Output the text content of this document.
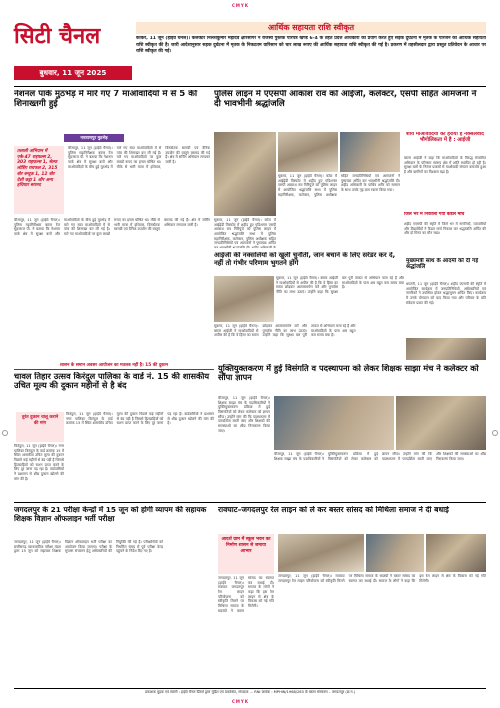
CMYK
सिटी चैनल
बुधवार, 11 जून 2025
आर्थिक सहायता राशि स्वीकृत
कांकेर, 11 जून (हाईवे चैनल)। कलेक्टर निलेशकुमार महादेव क्षीरसागर ने राजस्व पुस्तक परिपत्र खण्ड 6-4 के तहत प्रदत्त अधिकारों का प्रयोग करते हुए सड़क दुर्घटना में मृतक के परिजन को आर्थिक सहायता राशि स्वीकृत की है। जारी आदेशानुसार सड़क दुर्घटना में मृतक के निकटतम वारिसान को चार लाख रूपए की आर्थिक सहायता राशि स्वीकृत की गई है। प्रकरण में तहसीलदार द्वारा प्रस्तुत प्रतिवेदन के आधार पर राशि स्वीकृत की गई।
नेशनल पार्क मुठभेड़ में मारे गए 7 माओवादियों में से 5 की शिनाख्तगी हुई
नारायणपुर मुठभेड़
तलाशी अभियान में एके-47 राइफल्स 2, 303 राइफल्स 1, सेल्फ लोडिंग रायफल 2, 315 बोर बन्दूक 1, 12 बोर देशी कट्टा 1 और अन्य हथियार बरामद
बीजापुर, 11 जून (हाईवे चैनल)। पुलिस महानिरीक्षक बस्तर रेंज सुंदरराज पी. ने बताया कि नेशनल पार्क क्षेत्र में सुरक्षा बलों और माओवादियों के बीच हुई मुठभेड़ में मारे गए सात माओवादियों में से पांच की शिनाख्त कर ली गई है। मारे गए माओवादियों पर कुल लाखों रूपए का इनाम घोषित था। मौके से भारी मात्रा में हथियार, विस्फोटक सामग्री एवं दैनिक उपयोग की वस्तुएं बरामद की गई हैं। क्षेत्र में सर्चिंग अभियान लगातार जारी है।
बीजापुर, 11 जून (हाईवे चैनल)। पुलिस महानिरीक्षक बस्तर रेंज सुंदरराज पी. ने बताया कि नेशनल पार्क क्षेत्र में सुरक्षा बलों और माओवादियों के बीच हुई मुठभेड़ में मारे गए सात माओवादियों में से पांच की शिनाख्त कर ली गई है। मारे गए माओवादियों पर कुल लाखों रूपए का इनाम घोषित था। मौके से भारी मात्रा में हथियार, विस्फोटक सामग्री एवं दैनिक उपयोग की वस्तुएं बरामद की गई हैं। क्षेत्र में सर्चिंग अभियान लगातार जारी है।
पुलिस लाइन में एएसपी आकाश राव को आईजी, कलेक्टर, एसपी सहित आमजनों ने दी भावभीनी श्रद्धांजलि
सुकमा, 11 जून (हाईवे चैनल)। कोंटा में आईईडी विस्फोट में शहीद हुए एडिशनल एसपी आकाश राव गिरिपुंजे को पुलिस लाइन में आयोजित श्रद्धांजलि सभा में पुलिस महानिरीक्षक, कलेक्टर, पुलिस अधीक्षक सहित जनप्रतिनिधियों एवं आमजनों ने पुष्पचक्र अर्पित कर भावभीनी श्रद्धांजलि दी। शहीद अधिकारी के पार्थिव शरीर को सम्मान के साथ उनके गृह ग्राम रवाना किया गया।
सुकमा, 11 जून (हाईवे चैनल)। कोंटा में आईईडी विस्फोट में शहीद हुए एडिशनल एसपी आकाश राव गिरिपुंजे को पुलिस लाइन में आयोजित श्रद्धांजलि सभा में पुलिस महानिरीक्षक, कलेक्टर, पुलिस अधीक्षक सहित जनप्रतिनिधियों एवं आमजनों ने पुष्पचक्र अर्पित
शौर्य माओवादियों को हराया है नक्सलवाद भौगोलिकता में है : आईजी
बस्तर आईजी ने कहा कि माओवादियों के विरुद्ध संचालित अभियान के परिणाम स्वरूप क्षेत्र में शांति स्थापित हो रही है। सुरक्षा बलों के निरंतर प्रयासों से माओवादी संगठन कमजोर हुआ है और ग्रामीणों का विश्वास बढ़ा है।
जिले भर में निकाला गया कैंडल मार्च
शहीद एएसपी की स्मृति में जिले भर में नागरिकों, व्यापारियों और विद्यार्थियों ने कैंडल मार्च निकाल कर श्रद्धांजलि अर्पित की और दो मिनट का मौन रखा।
आईजी की नक्सलियों को खुली चुनौती, जान बचाने के लिए सरेंडर कर दें, नहीं तो गंभीर परिणाम भुगतने होंगे
सुकमा, 11 जून (हाईवे चैनल)। बस्तर आईजी ने माओवादियों से अपील की है कि वे हिंसा का रास्ता छोड़कर आत्मसमर्पण करें और पुनर्वास नीति का लाभ उठाएं। उन्होंने कहा कि सुरक्षा बल पूरी ताकत से अभियान चला रहे हैं और माओवादियों के पास अब बहुत कम समय बचा है।
सुकमा, 11 जून (हाईवे चैनल)। बस्तर आईजी ने माओवादियों से अपील की है कि वे हिंसा का रास्ता छोड़कर आत्मसमर्पण करें और पुनर्वास नीति का लाभ उठाएं। उन्होंने कहा कि सुरक्षा बल पूरी ताकत से अभियान चला रहे हैं और माओवादियों के पास अब बहुत कम समय बचा है।
मुख्यमंत्री साथ के आदमी को दी गई श्रद्धांजलि
धमतरी, 11 जून (हाईवे चैनल)। शहीद एएसपी की स्मृति में आयोजित कार्यक्रम में जनप्रतिनिधियों, अधिकारियों एवं नागरिकों ने उपस्थित होकर श्रद्धासुमन अर्पित किए। कार्यक्रम में उनके योगदान को याद किया गया और परिवार के प्रति संवेदना प्रकट की गई।
शासन के समान अवसर आयोजन का मतलब नहीं है। 15 की दुकान
चावल तिहार उत्सव किरंदुल पालिका के वार्ड नं. 15 की शासकीय उचित मूल्य की दुकान महीनों से है बंद
तुरंत दुकान चालू कराने की मांग
किरंदुल, 11 जून (हाईवे चैनल)। नगर पालिका किरंदुल के वार्ड क्रमांक 15 में स्थित शासकीय उचित मूल्य की दुकान पिछले कई महीनों से बंद पड़ी है जिससे हितग्राहियों को राशन प्राप्त करने के लिए दूर जाना पड़ रहा है। वार्डवासियों ने प्रशासन से शीघ्र दुकान खोलने की मांग की है।
किरंदुल, 11 जून (हाईवे चैनल)। नगर पालिका किरंदुल के वार्ड क्रमांक 15 में स्थित शासकीय उचित मूल्य की दुकान पिछले कई महीनों से बंद पड़ी है जिससे हितग्राहियों को राशन प्राप्त करने के लिए दूर जाना पड़ रहा है। वार्डवासियों ने प्रशासन से शीघ्र दुकान खोलने की मांग की है।
युक्तियुक्तकरण में हुई विसंगति व पदस्थापना को लेकर शिक्षक साझा मंच ने कलेक्टर को सौंपा ज्ञापन
बीजापुर, 11 जून (हाईवे चैनल)। शिक्षक साझा मंच के पदाधिकारियों ने युक्तियुक्तकरण प्रक्रिया में हुई विसंगतियों को लेकर कलेक्टर को ज्ञापन सौंपा। उन्होंने मांग की कि पदस्थापना में पारदर्शिता बरती जाए और शिक्षकों की समस्याओं का शीघ्र निराकरण किया जाए।
बीजापुर, 11 जून (हाईवे चैनल)। शिक्षक साझा मंच के पदाधिकारियों ने युक्तियुक्तकरण प्रक्रिया में हुई विसंगतियों को लेकर कलेक्टर को ज्ञापन सौंपा। उन्होंने मांग की कि पदस्थापना में पारदर्शिता बरती जाए और शिक्षकों की समस्याओं का शीघ्र निराकरण किया जाए।
जगदलपुर के 21 परीक्षा केन्द्रों में 15 जून को होगी व्यापम की सहायक शिक्षक विज्ञान ऑफलाइन भर्ती परीक्षा
जगदलपुर, 11 जून (हाईवे चैनल)। छत्तीसगढ़ व्यावसायिक परीक्षा मंडल द्वारा 15 जून को सहायक शिक्षक विज्ञान ऑफलाइन भर्ती परीक्षा का आयोजन किया जाएगा। परीक्षा के सुचारू संचालन हेतु अधिकारियों की नियुक्ति की गई है। परीक्षार्थियों को निर्धारित समय से पूर्व परीक्षा केन्द्र पहुंचने के निर्देश दिए गए हैं।
रावघाट–जगदलपुर रेल लाइन को ले कर बस्तर सांसद को मिथिला समाज ने दी बधाई
आदर्श ग्राम में स्कूल भवन का निर्माण शासन से जमाया आभार
जगदलपुर, 11 जून (हाईवे चैनल)। रावघाट जगदलपुर रेल लाइन परियोजना को स्वीकृति मिलने पर मिथिला समाज के सदस्यों ने बस्तर सांसद का स्वागत कर बधाई दी। समाज के लोगों ने कहा कि इस रेल लाइन से क्षेत्र के विकास को नई गति मिलेगी।
जगदलपुर, 11 जून (हाईवे चैनल)। रावघाट जगदलपुर रेल लाइन परियोजना को स्वीकृति मिलने पर मिथिला समाज के सदस्यों ने बस्तर सांसद का स्वागत कर बधाई दी। समाज के लोगों ने कहा कि इस रेल लाइन से क्षेत्र के विकास को नई गति मिलेगी।
प्रकाशक मुद्रक एवं स्वामी : हाईवे चैनल प्रिंटर्स द्वारा मुद्रित एवं प्रकाशित, संपादक … RNI क्रमांक : MPHIN/1968/263 के बस्तर संस्करण – जगदलपुर (छ.ग.)
CMYK
